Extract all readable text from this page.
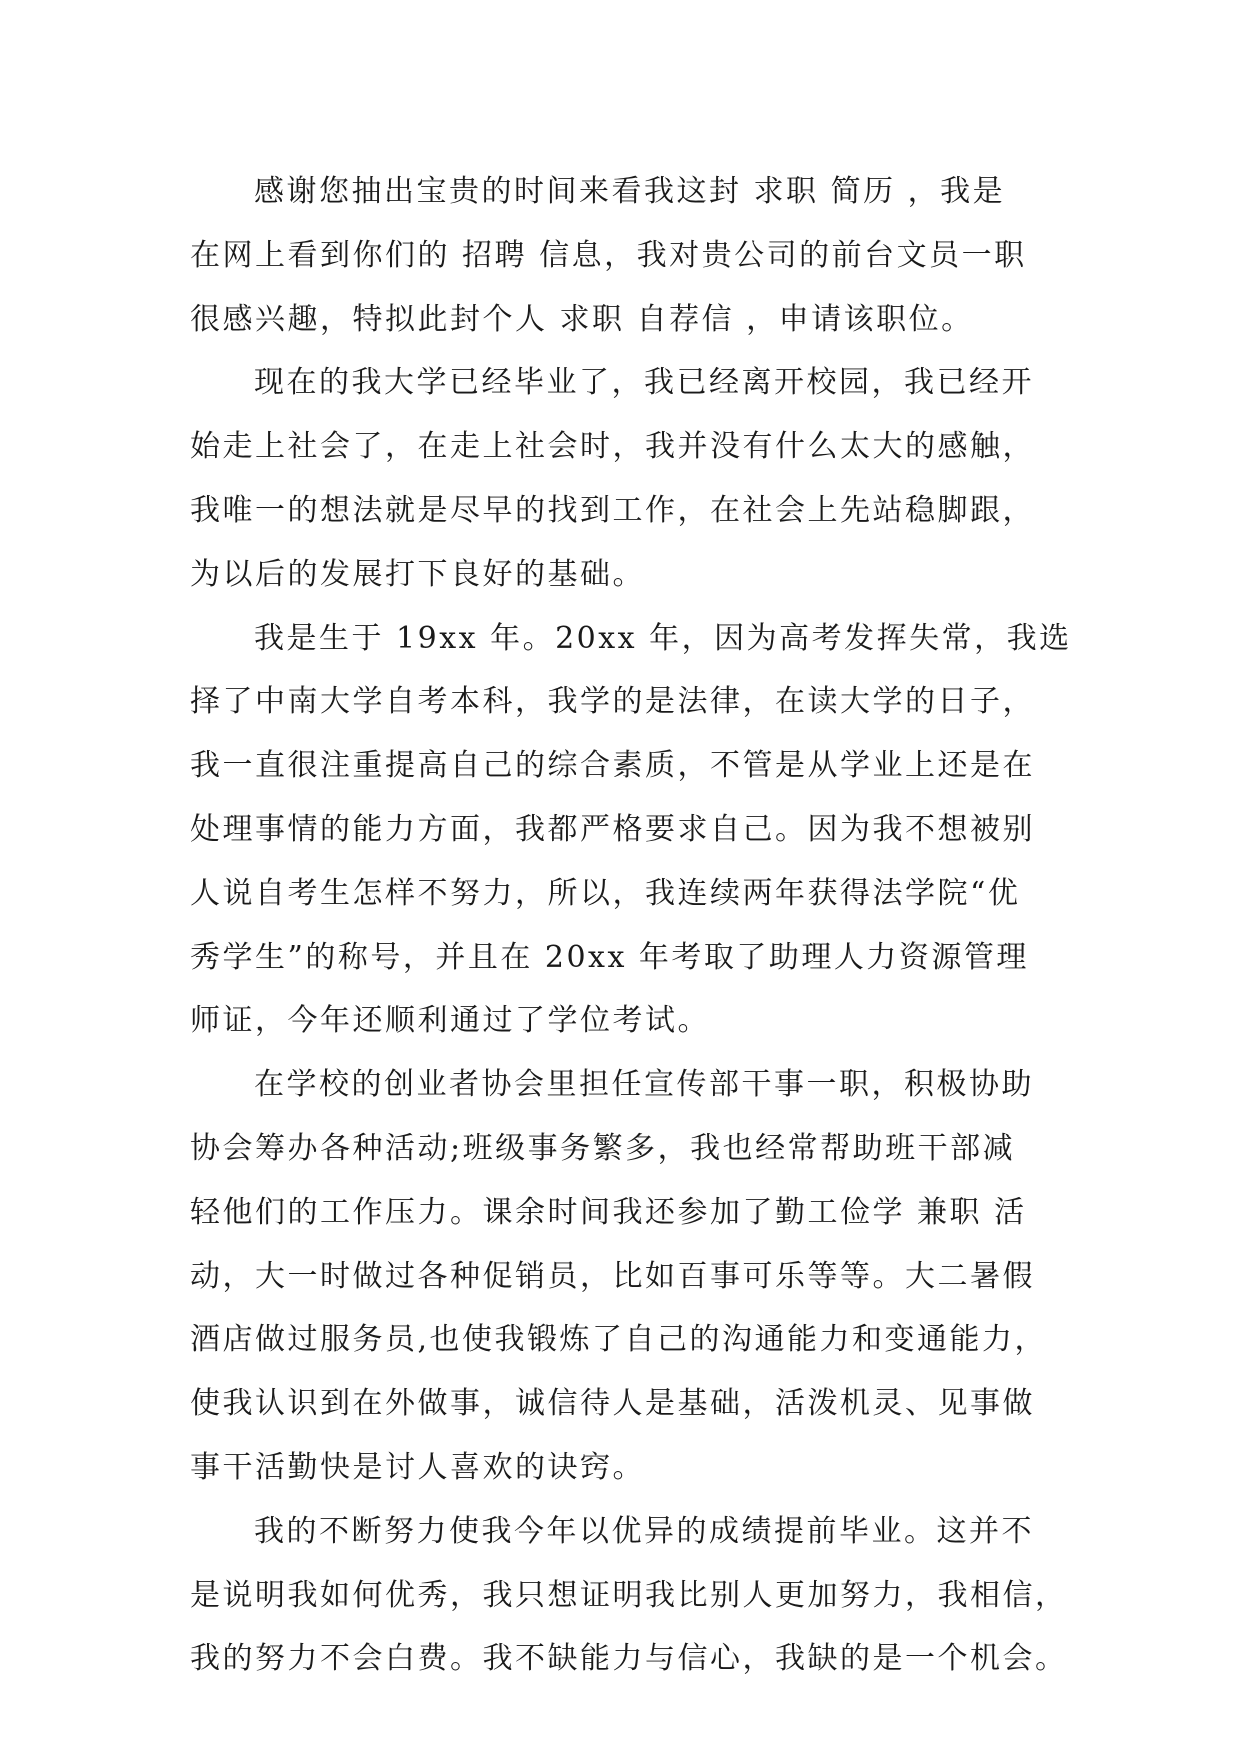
感谢您抽出宝贵的时间来看我这封 求职 简历 ，我是
在网上看到你们的 招聘 信息，我对贵公司的前台文员一职
很感兴趣，特拟此封个人 求职 自荐信 ，申请该职位。
现在的我大学已经毕业了，我已经离开校园，我已经开
始走上社会了，在走上社会时，我并没有什么太大的感触，
我唯一的想法就是尽早的找到工作，在社会上先站稳脚跟，
为以后的发展打下良好的基础。
我是生于 19xx 年。20xx 年，因为高考发挥失常，我选
择了中南大学自考本科，我学的是法律，在读大学的日子，
我一直很注重提高自己的综合素质，不管是从学业上还是在
处理事情的能力方面，我都严格要求自己。因为我不想被别
人说自考生怎样不努力，所以，我连续两年获得法学院“优
秀学生”的称号，并且在 20xx 年考取了助理人力资源管理
师证，今年还顺利通过了学位考试。
在学校的创业者协会里担任宣传部干事一职，积极协助
协会筹办各种活动;班级事务繁多，我也经常帮助班干部减
轻他们的工作压力。课余时间我还参加了勤工俭学 兼职 活
动，大一时做过各种促销员，比如百事可乐等等。大二暑假
酒店做过服务员,也使我锻炼了自己的沟通能力和变通能力，
使我认识到在外做事，诚信待人是基础，活泼机灵、见事做
事干活勤快是讨人喜欢的诀窍。
我的不断努力使我今年以优异的成绩提前毕业。这并不
是说明我如何优秀，我只想证明我比别人更加努力，我相信，
我的努力不会白费。我不缺能力与信心，我缺的是一个机会。
